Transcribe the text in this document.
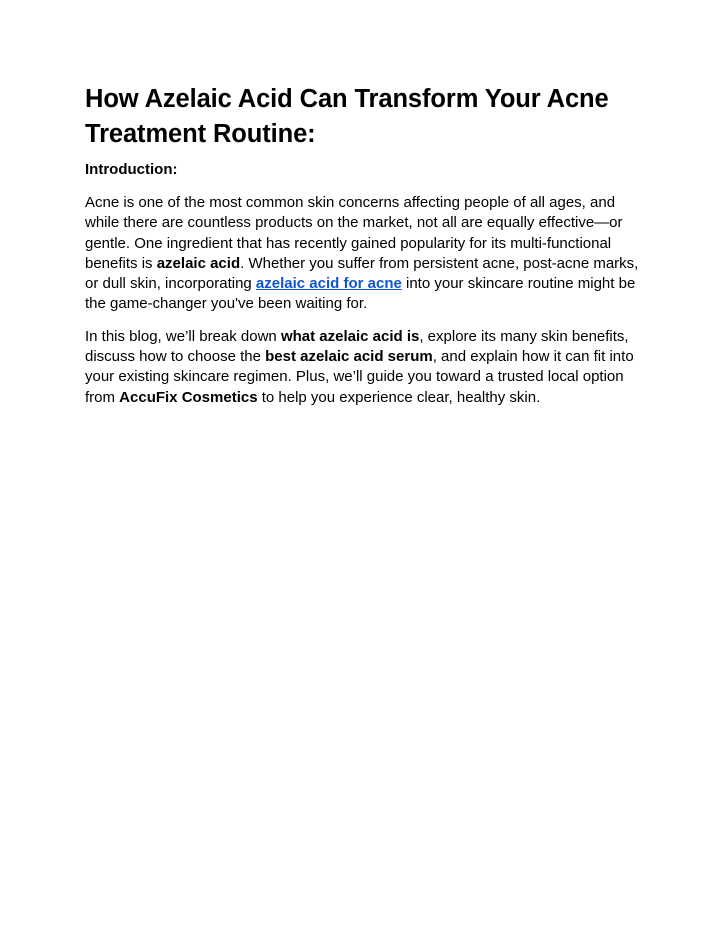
How Azelaic Acid Can Transform Your Acne Treatment Routine:
Introduction:

Acne is one of the most common skin concerns affecting people of all ages, and while there are countless products on the market, not all are equally effective—or gentle. One ingredient that has recently gained popularity for its multi-functional benefits is azelaic acid. Whether you suffer from persistent acne, post-acne marks, or dull skin, incorporating azelaic acid for acne into your skincare routine might be the game-changer you've been waiting for.

In this blog, we’ll break down what azelaic acid is, explore its many skin benefits, discuss how to choose the best azelaic acid serum, and explain how it can fit into your existing skincare regimen. Plus, we’ll guide you toward a trusted local option from AccuFix Cosmetics to help you experience clear, healthy skin.
